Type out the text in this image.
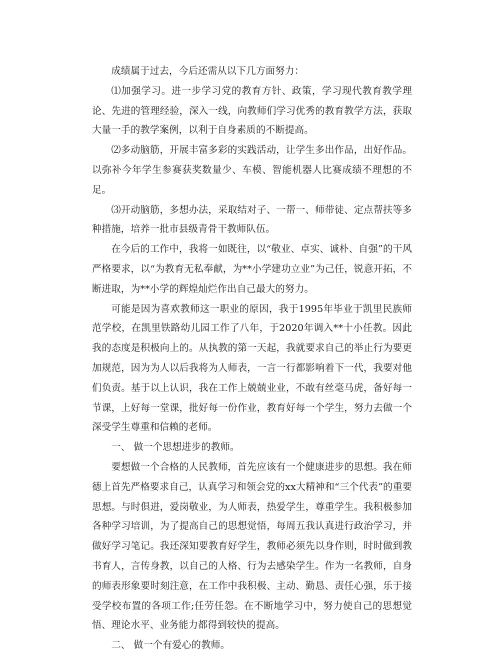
成绩属于过去，今后还需从以下几方面努力：

⑴加强学习。进一步学习党的教育方针、政策，学习现代教育教学理论、先进的管理经验，深入一线，向教师们学习优秀的教育教学方法，获取大量一手的教学案例，以利于自身素质的不断提高。

⑵多动脑筋，开展丰富多彩的实践活动，让学生多出作品，出好作品。以弥补今年学生参赛获奖数量少、车模、智能机器人比赛成绩不理想的不足。

⑶开动脑筋，多想办法，采取结对子、一帮一、师带徒、定点帮扶等多种措施，培养一批市县级青骨干教师队伍。

在今后的工作中，我将一如既往，以“敬业、卓实、诚朴、自强”的干风严格要求，以“为教育无私奉献，为**小学建功立业”为己任，锐意开拓，不断进取，为**小学的辉煌灿烂作出自己最大的努力。

可能是因为喜欢教师这一职业的原因，我于1995年毕业于凯里民族师范学校，在凯里铁路幼儿园工作了八年，于2020年调入**十小任教。因此我的态度是积极向上的。从执教的第一天起，我就要求自己的举止行为要更加规范，因为为人以后我将为人师表，一言一行都影响着下一代，我要对他们负责。基于以上认识，我在工作上兢兢业业，不敢有丝毫马虎，备好每一节课，上好每一堂课，批好每一份作业，教育好每一个学生，努力去做一个深受学生尊重和信赖的老师。

一、 做一个思想进步的教师。

要想做一个合格的人民教师，首先应该有一个健康进步的思想。我在师德上首先严格要求自己，认真学习和领会党的xx大精神和“三个代表”的重要思想。与时俱进，爱岗敬业，为人师表，热爱学生，尊重学生。我积极参加各种学习培训，为了提高自己的思想觉悟，每周五我认真进行政治学习，并做好学习笔记。我还深知要教育好学生，教师必须先以身作则，时时做到教书育人，言传身教，以自己的人格、行为去感染学生。作为一名教师，自身的师表形象要时刻注意，在工作中我积极、主动、勤恳、责任心强，乐于接受学校布置的各项工作;任劳任怨。在不断地学习中，努力使自己的思想觉悟、理论水平、业务能力都得到较快的提高。

二、 做一个有爱心的教师。
